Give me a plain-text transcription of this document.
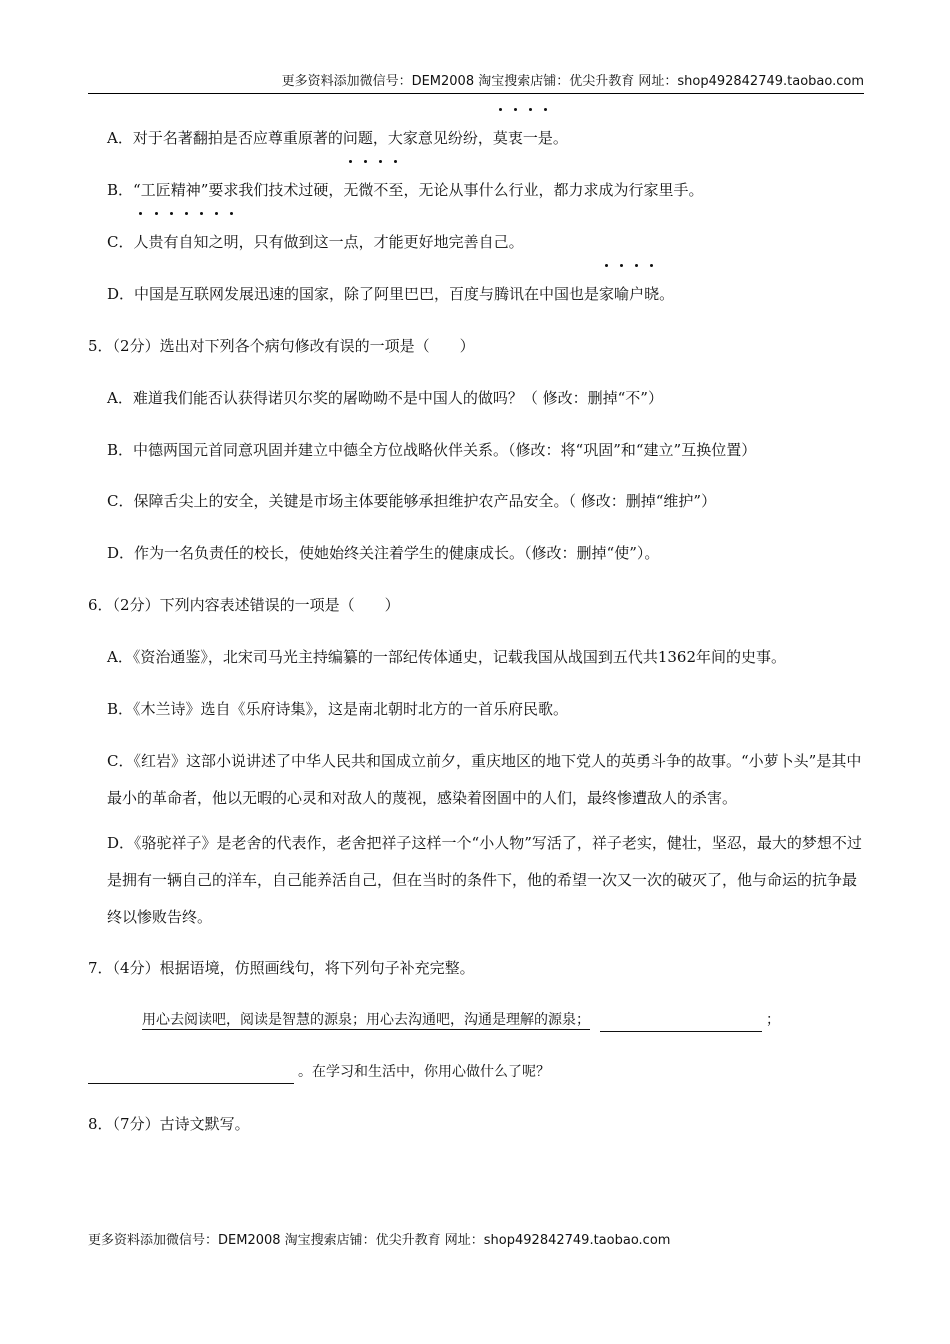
更多资料添加微信号：DEM2008 淘宝搜索店铺：优尖升教育 网址：shop492842749.taobao.com
A．对于名著翻拍是否应尊重原著的问题，大家意见纷纷，莫衷一是。
B．“工匠精神”要求我们技术过硬，无微不至，无论从事什么行业，都力求成为行家里手。
C．人贵有自知之明，只有做到这一点，才能更好地完善自己。
D．中国是互联网发展迅速的国家，除了阿里巴巴，百度与腾讯在中国也是家喻户晓。
5．（2分）选出对下列各个病句修改有误的一项是（　　）
A．难道我们能否认获得诺贝尔奖的屠呦呦不是中国人的做吗？（ 修改：删掉“不”）
B．中德两国元首同意巩固并建立中德全方位战略伙伴关系。（修改：将“巩固”和“建立”互换位置）
C．保障舌尖上的安全，关键是市场主体要能够承担维护农产品安全。（ 修改：删掉“维护”）
D．作为一名负责任的校长，使她始终关注着学生的健康成长。（修改：删掉“使”）。
6．（2分）下列内容表述错误的一项是（　　）
A．《资治通鉴》，北宋司马光主持编纂的一部纪传体通史，记载我国从战国到五代共1362年间的史事。
B．《木兰诗》选自《乐府诗集》，这是南北朝时北方的一首乐府民歌。
C．《红岩》这部小说讲述了中华人民共和国成立前夕，重庆地区的地下党人的英勇斗争的故事。“小萝卜头”是其中最小的革命者，他以无暇的心灵和对敌人的蔑视，感染着囹圄中的人们，最终惨遭敌人的杀害。
D．《骆驼祥子》是老舍的代表作，老舍把祥子这样一个“小人物”写活了，祥子老实，健壮，坚忍，最大的梦想不过是拥有一辆自己的洋车，自己能养活自己，但在当时的条件下，他的希望一次又一次的破灭了，他与命运的抗争最终以惨败告终。
7．（4分）根据语境，仿照画线句，将下列句子补充完整。
用心去阅读吧，阅读是智慧的源泉；用心去沟通吧，沟通是理解的源泉；	；
。在学习和生活中，你用心做什么了呢？
8．（7分）古诗文默写。
更多资料添加微信号：DEM2008 淘宝搜索店铺：优尖升教育 网址：shop492842749.taobao.com
